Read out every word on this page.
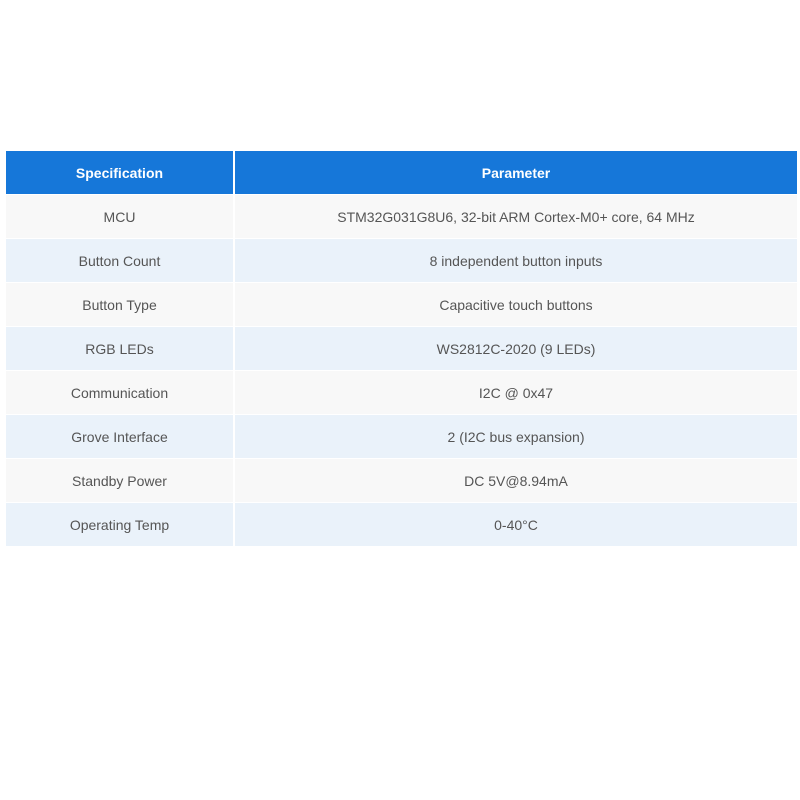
Specification	Parameter
MCU	STM32G031G8U6, 32-bit ARM Cortex-M0+ core, 64 MHz
Button Count	8 independent button inputs
Button Type	Capacitive touch buttons
RGB LEDs	WS2812C-2020 (9 LEDs)
Communication	I2C @ 0x47
Grove Interface	2 (I2C bus expansion)
Standby Power	DC 5V@8.94mA
Operating Temp	0-40°C
